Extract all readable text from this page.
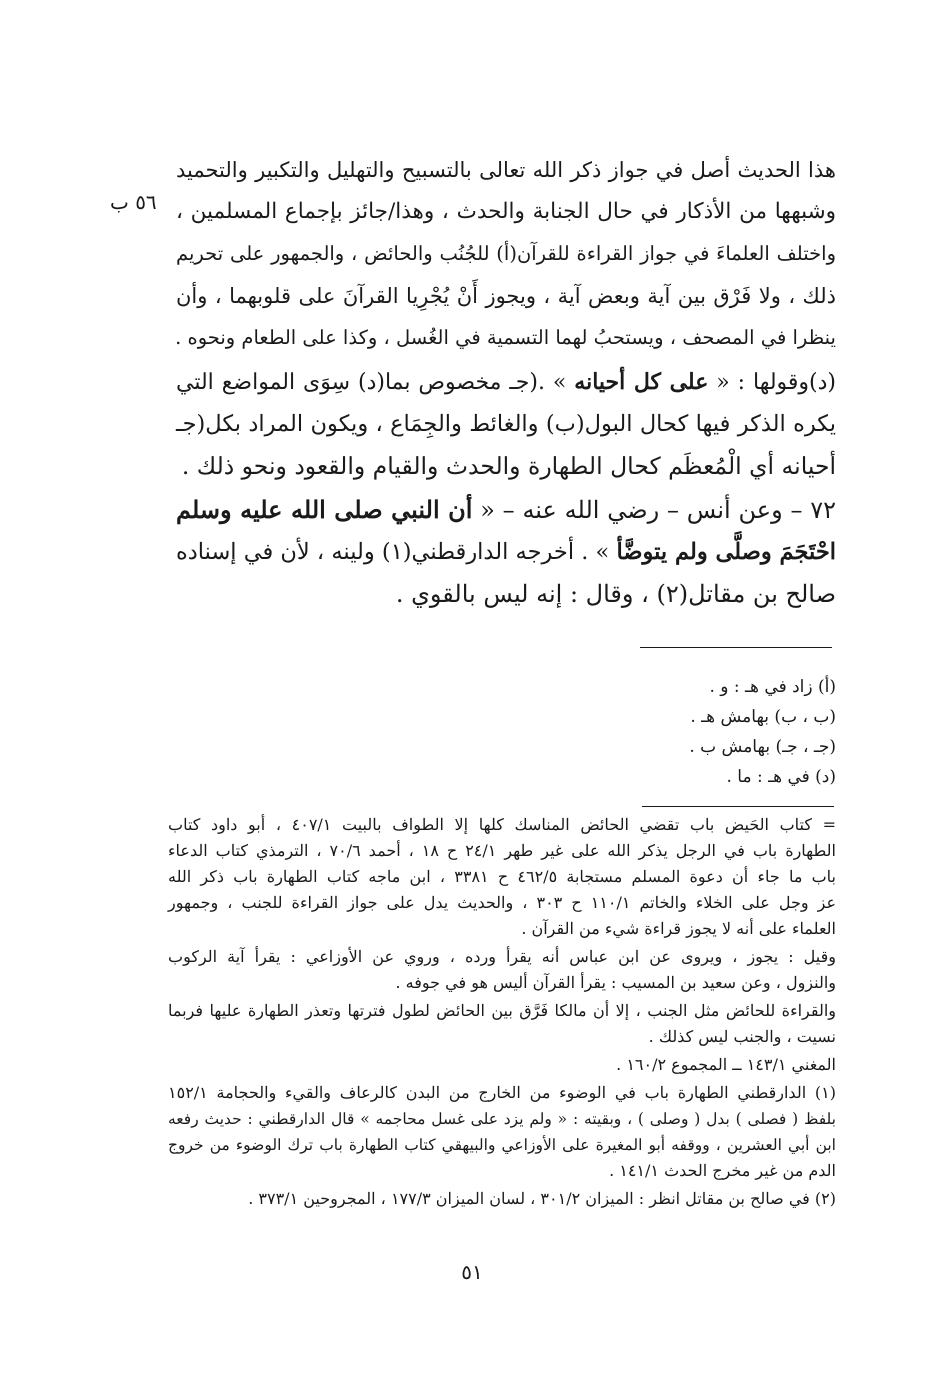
٥٦ ب
هذا الحديث أصل في جواز ذكر الله تعالى بالتسبيح والتهليل والتكبير والتحميد
وشبهها من الأذكار في حال الجنابة والحدث ، وهذا/جائز بإجماع المسلمين ،
واختلف العلماءَ في جواز القراءة للقرآن(أ) للجُنُب والحائض ، والجمهور على تحريم
ذلك ، ولا فَرْق بين آية وبعض آية ، ويجوز أَنْ يُجْرِيا القرآنَ على قلوبهما ، وأن
ينظرا في المصحف ، ويستحبُ لهما التسمية في الغُسل ، وكذا على الطعام ونحوه .
(د)وقولها : « على كل أحيانه » .(جـ مخصوص بما(د) سِوَى المواضع التي
يكره الذكر فيها كحال البول(ب) والغائط والجِمَاع ، ويكون المراد بكل(جـ
أحيانه أي الْمُعظَم كحال الطهارة والحدث والقيام والقعود ونحو ذلك .
٧٢ – وعن أنس – رضي الله عنه – « أن النبي صلى الله عليه وسلم
احْتَجَمَ وصلَّى ولم يتوضَّأ » . أخرجه الدارقطني(١) ولينه ، لأن في إسناده
صالح بن مقاتل(٢) ، وقال : إنه ليس بالقوي .
(أ) زاد في هـ : و .
(ب ، ب) بهامش هـ .
(جـ ، جـ) بهامش ب .
(د) في هـ : ما .
= كتاب الحَيض باب تقضي الحائض المناسك كلها إلا الطواف بالبيت ٤٠٧/١ ، أبو داود كتاب
الطهارة باب في الرجل يذكر الله على غير طهر ٢٤/١ ح ١٨ ، أحمد ٧٠/٦ ، الترمذي كتاب الدعاء
باب ما جاء أن دعوة المسلم مستجابة ٤٦٢/٥ ح ٣٣٨١ ، ابن ماجه كتاب الطهارة باب ذكر الله
عز وجل على الخلاء والخاتم ١١٠/١ ح ٣٠٣ ، والحديث يدل على جواز القراءة للجنب ، وجمهور
العلماء على أنه لا يجوز قراءة شيء من القرآن .
وقيل : يجوز ، ويروى عن ابن عباس أنه يقرأ ورده ، وروي عن الأوزاعي : يقرأ آية الركوب
والنزول ، وعن سعيد بن المسيب : يقرأ القرآن أليس هو في جوفه .
والقراءة للحائض مثل الجنب ، إلا أن مالكا فَرَّق بين الحائض لطول فترتها وتعذر الطهارة عليها فربما
نسيت ، والجنب ليس كذلك .
المغني ١٤٣/١ ــ المجموع ١٦٠/٢ .
(١) الدارقطني الطهارة باب في الوضوء من الخارج من البدن كالرعاف والقيء والحجامة ١٥٢/١
بلفظ ( فصلى ) بدل ( وصلى ) ، وبقيته : « ولم يزد على غسل محاجمه » قال الدارقطني : حديث رفعه
ابن أبي العشرين ، ووقفه أبو المغيرة على الأوزاعي والبيهقي كتاب الطهارة باب ترك الوضوء من خروج
الدم من غير مخرج الحدث ١٤١/١ .
(٢) في صالح بن مقاتل انظر : الميزان ٣٠١/٢ ، لسان الميزان ١٧٧/٣ ، المجروحين ٣٧٣/١ .
٥١
